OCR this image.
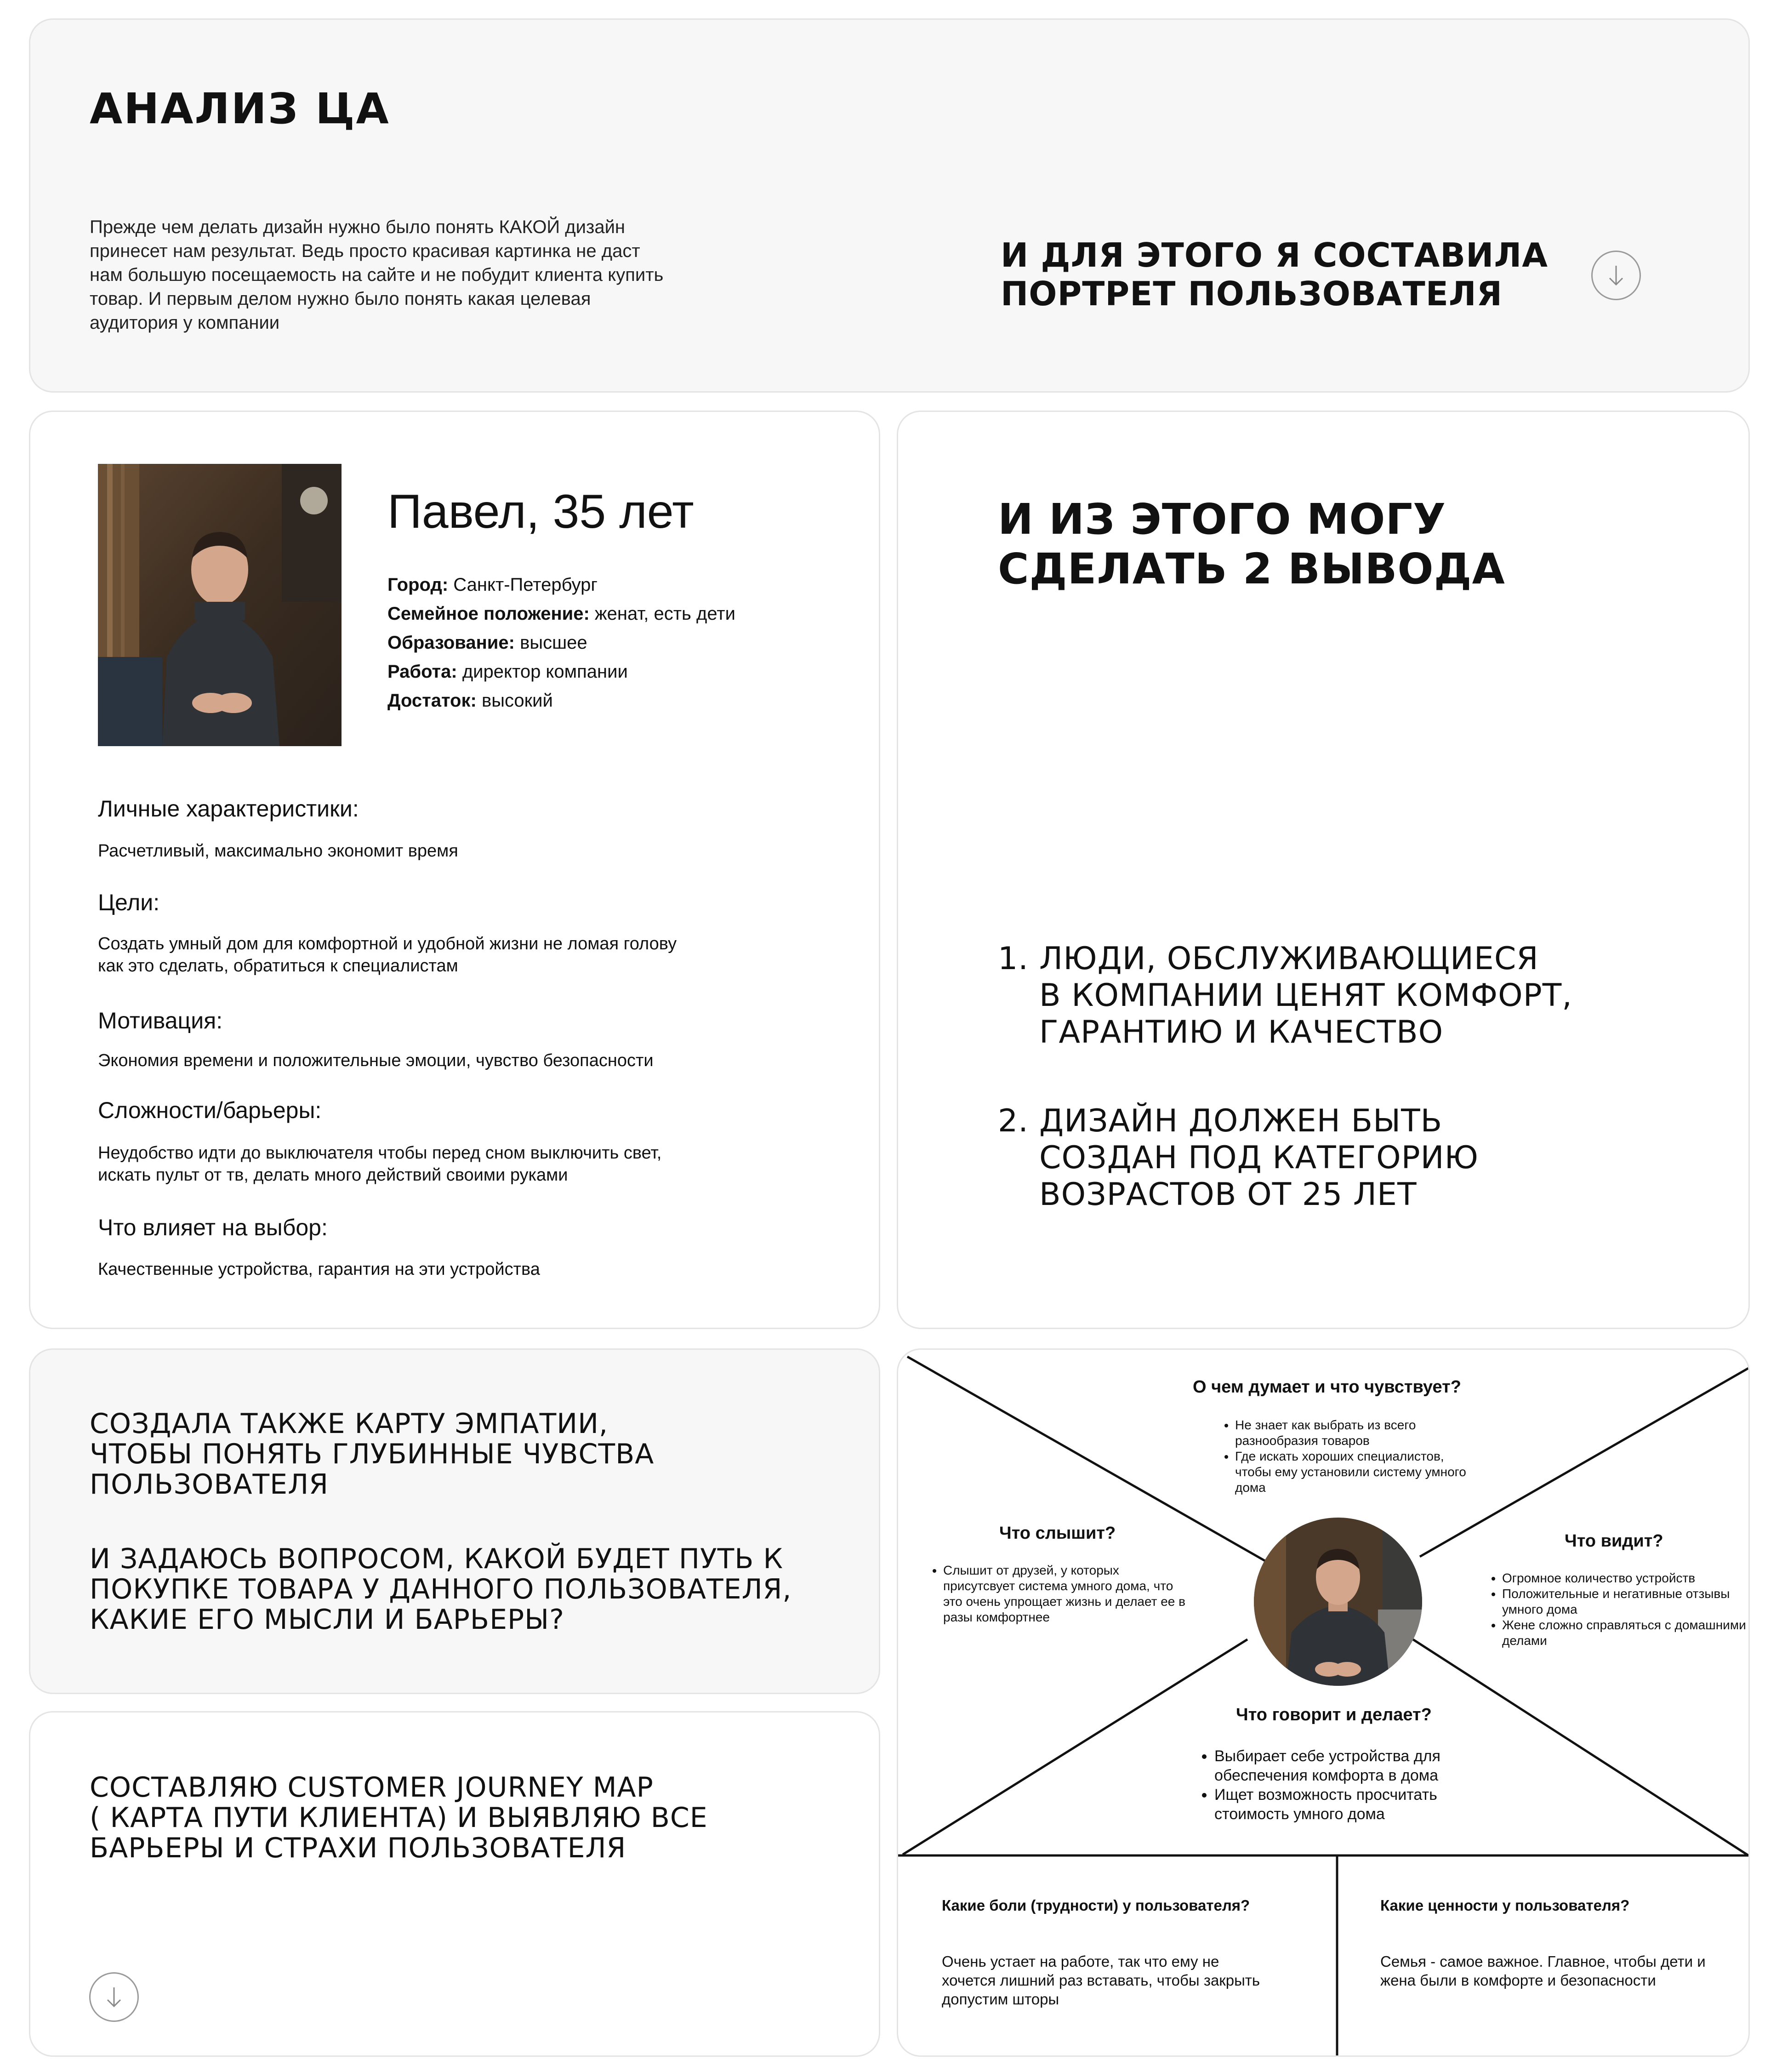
АНАЛИЗ ЦА
Прежде чем делать дизайн нужно было понять КАКОЙ дизайн принесет нам результат. Ведь просто красивая картинка не даст нам большую посещаемость на сайте и не побудит клиента купить товар. И первым делом нужно было понять какая целевая аудитория у компании
И ДЛЯ ЭТОГО Я СОСТАВИЛА
ПОРТРЕТ ПОЛЬЗОВАТЕЛЯ
Павел, 35 лет
Город: Санкт-Петербург
Семейное положение: женат, есть дети
Образование: высшее
Работа: директор компании
Достаток: высокий
Личные характеристики:
Расчетливый, максимально экономит время
Цели:
Создать умный дом для комфортной и удобной жизни не ломая голову как это сделать, обратиться к специалистам
Мотивация:
Экономия времени и положительные эмоции, чувство безопасности
Сложности/барьеры:
Неудобство идти до выключателя чтобы перед сном выключить свет, искать пульт от тв, делать много действий своими руками
Что влияет на выбор:
Качественные устройства, гарантия на эти устройства
И ИЗ ЭТОГО МОГУ
СДЕЛАТЬ 2 ВЫВОДА
1. ЛЮДИ, ОБСЛУЖИВАЮЩИЕСЯ
В КОМПАНИИ ЦЕНЯТ КОМФОРТ,
ГАРАНТИЮ И КАЧЕСТВО
2. ДИЗАЙН ДОЛЖЕН БЫТЬ
СОЗДАН ПОД КАТЕГОРИЮ
ВОЗРАСТОВ ОТ 25 ЛЕТ
СОЗДАЛА ТАКЖЕ КАРТУ ЭМПАТИИ,
ЧТОБЫ ПОНЯТЬ ГЛУБИННЫЕ ЧУВСТВА
ПОЛЬЗОВАТЕЛЯ
И ЗАДАЮСЬ ВОПРОСОМ, КАКОЙ БУДЕТ ПУТЬ К
ПОКУПКЕ ТОВАРА У ДАННОГО ПОЛЬЗОВАТЕЛЯ,
КАКИЕ ЕГО МЫСЛИ И БАРЬЕРЫ?
СОСТАВЛЯЮ CUSTOMER JOURNEY MAP
( КАРТА ПУТИ КЛИЕНТА) И ВЫЯВЛЯЮ ВСЕ
БАРЬЕРЫ И СТРАХИ ПОЛЬЗОВАТЕЛЯ
О чем думает и что чувствует?
• Не знает как выбрать из всего разнообразия товаров
• Где искать хороших специалистов, чтобы ему установили систему умного дома
Что слышит?
• Слышит от друзей, у которых присутсвует система умного дома, что это очень упрощает жизнь и делает ее в разы комфортнее
Что видит?
• Огромное количество устройств
• Положительные и негативные отзывы умного дома
• Жене сложно справляться с домашними делами
Что говорит и делает?
• Выбирает себе устройства для обеспечения комфорта в дома
• Ищет возможность просчитать стоимость умного дома
Какие боли (трудности) у пользователя?
Очень устает на работе, так что ему не хочется лишний раз вставать, чтобы закрыть допустим шторы
Какие ценности у пользователя?
Семья - самое важное. Главное, чтобы дети и жена были в комфорте и безопасности
